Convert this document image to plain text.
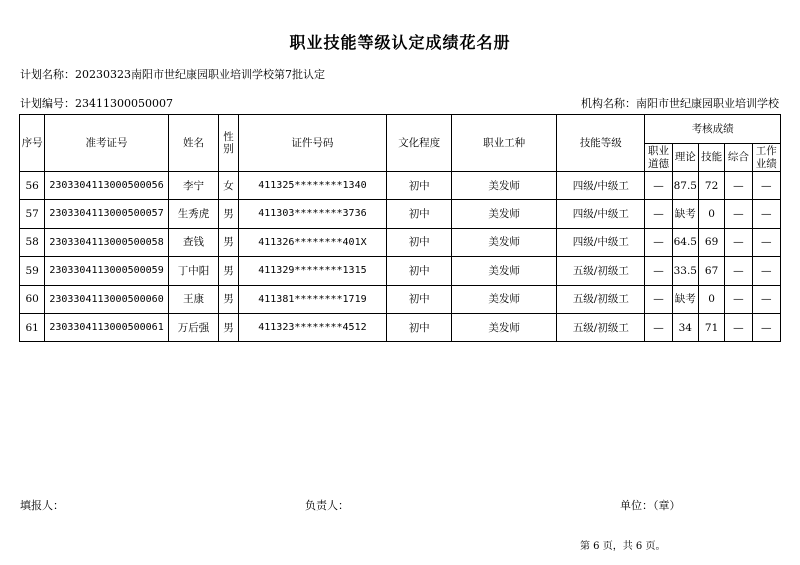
职业技能等级认定成绩花名册
计划名称：20230323南阳市世纪康园职业培训学校第7批认定
计划编号：23411300050007	机构名称：南阳市世纪康园职业培训学校
序号	准考证号	姓名	性别	证件号码	文化程度	职业工种	技能等级	考核成绩				
								职业道德	理论	技能	综合	工作业绩
56	2303304113000500056	李宁	女	411325********1340	初中	美发师	四级/中级工	—	87.5	72	—	—
57	2303304113000500057	生秀虎	男	411303********3736	初中	美发师	四级/中级工	—	缺考	0	—	—
58	2303304113000500058	查钱	男	411326********401X	初中	美发师	四级/中级工	—	64.5	69	—	—
59	2303304113000500059	丁中阳	男	411329********1315	初中	美发师	五级/初级工	—	33.5	67	—	—
60	2303304113000500060	王康	男	411381********1719	初中	美发师	五级/初级工	—	缺考	0	—	—
61	2303304113000500061	万后强	男	411323********4512	初中	美发师	五级/初级工	—	34	71	—	—
填报人：	负责人：	单位：（章）
第 6 页，共 6 页。
